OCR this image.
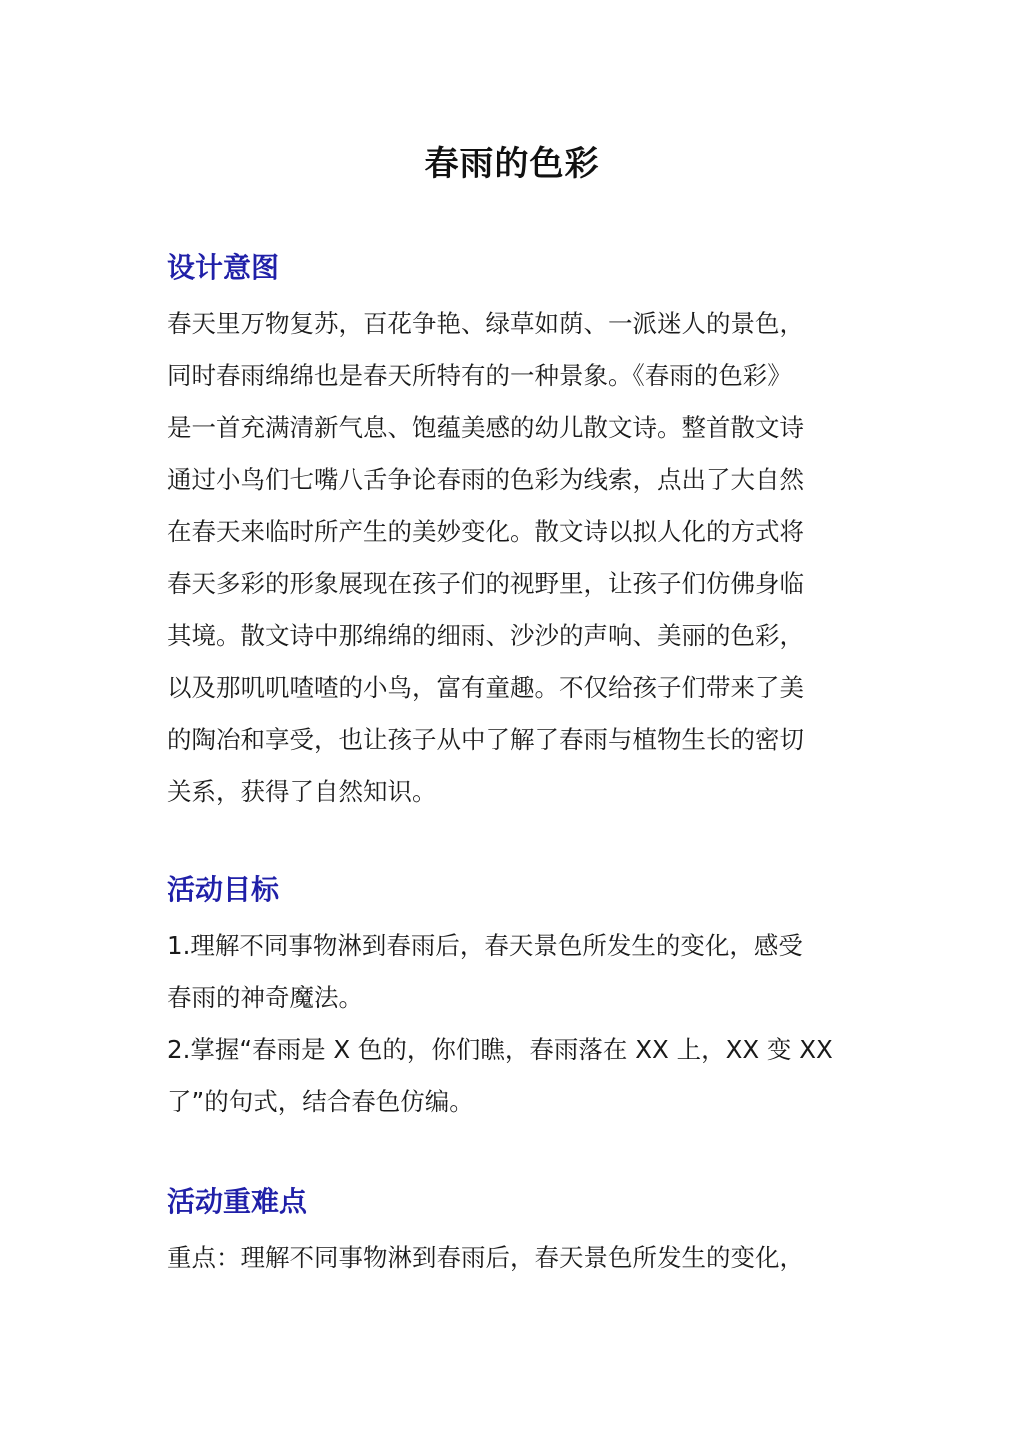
春雨的色彩
设计意图
春天里万物复苏，百花争艳、绿草如荫、一派迷人的景色，
同时春雨绵绵也是春天所特有的一种景象。《春雨的色彩》
是一首充满清新气息、饱蕴美感的幼儿散文诗。整首散文诗
通过小鸟们七嘴八舌争论春雨的色彩为线索，点出了大自然
在春天来临时所产生的美妙变化。散文诗以拟人化的方式将
春天多彩的形象展现在孩子们的视野里，让孩子们仿佛身临
其境。散文诗中那绵绵的细雨、沙沙的声响、美丽的色彩，
以及那叽叽喳喳的小鸟，富有童趣。不仅给孩子们带来了美
的陶冶和享受，也让孩子从中了解了春雨与植物生长的密切
关系，获得了自然知识。
活动目标
1.理解不同事物淋到春雨后，春天景色所发生的变化，感受
春雨的神奇魔法。
2.掌握“春雨是 X 色的，你们瞧，春雨落在 XX 上，XX 变 XX
了”的句式，结合春色仿编。
活动重难点
重点：理解不同事物淋到春雨后，春天景色所发生的变化，
